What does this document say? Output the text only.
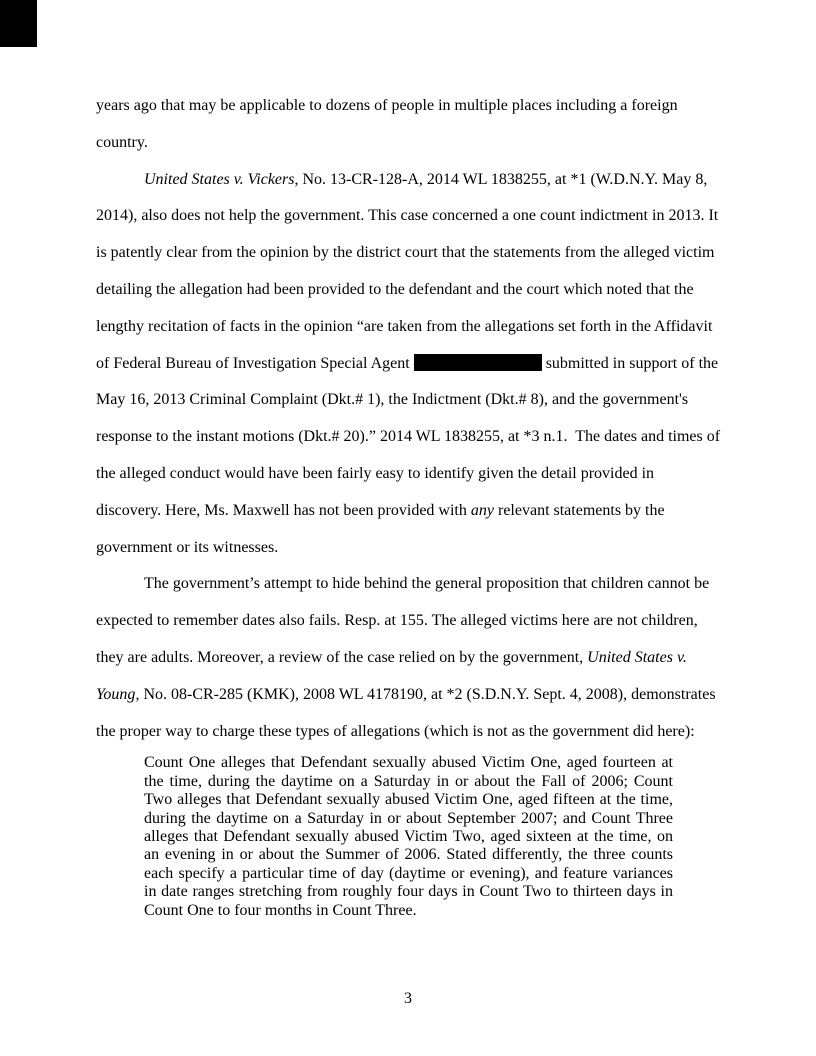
years ago that may be applicable to dozens of people in multiple places including a foreign country.

United States v. Vickers, No. 13-CR-128-A, 2014 WL 1838255, at *1 (W.D.N.Y. May 8, 2014), also does not help the government. This case concerned a one count indictment in 2013. It is patently clear from the opinion by the district court that the statements from the alleged victim detailing the allegation had been provided to the defendant and the court which noted that the lengthy recitation of facts in the opinion “are taken from the allegations set forth in the Affidavit of Federal Bureau of Investigation Special Agent	submitted in support of the May 16, 2013 Criminal Complaint (Dkt.# 1), the Indictment (Dkt.# 8), and the government's response to the instant motions (Dkt.# 20).” 2014 WL 1838255, at *3 n.1.  The dates and times of the alleged conduct would have been fairly easy to identify given the detail provided in discovery. Here, Ms. Maxwell has not been provided with any relevant statements by the government or its witnesses.

The government’s attempt to hide behind the general proposition that children cannot be expected to remember dates also fails. Resp. at 155. The alleged victims here are not children, they are adults. Moreover, a review of the case relied on by the government, United States v. Young, No. 08-CR-285 (KMK), 2008 WL 4178190, at *2 (S.D.N.Y. Sept. 4, 2008), demonstrates the proper way to charge these types of allegations (which is not as the government did here):

Count One alleges that Defendant sexually abused Victim One, aged fourteen at the time, during the daytime on a Saturday in or about the Fall of 2006; Count Two alleges that Defendant sexually abused Victim One, aged fifteen at the time, during the daytime on a Saturday in or about September 2007; and Count Three alleges that Defendant sexually abused Victim Two, aged sixteen at the time, on an evening in or about the Summer of 2006. Stated differently, the three counts each specify a particular time of day (daytime or evening), and feature variances in date ranges stretching from roughly four days in Count Two to thirteen days in Count One to four months in Count Three.
3
